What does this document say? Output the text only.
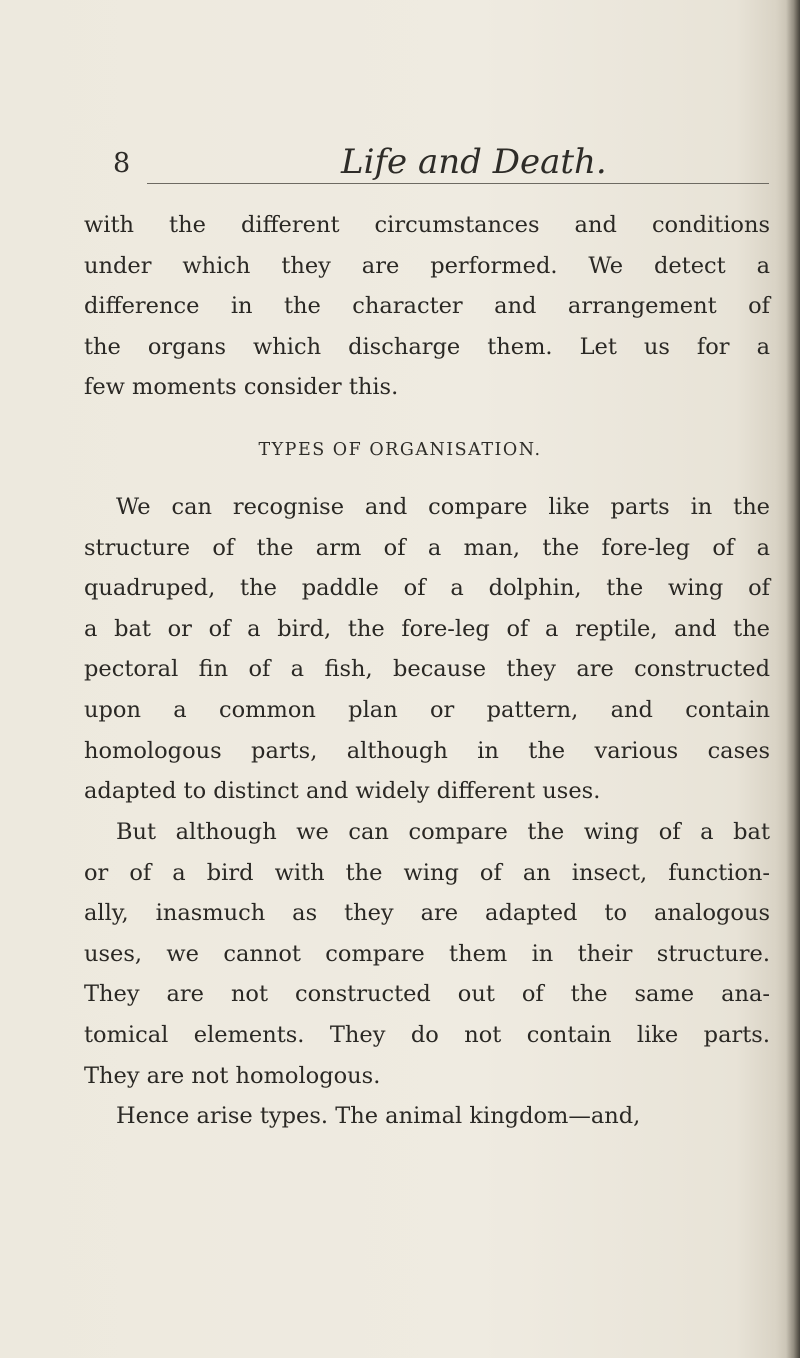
8	Life and Death.

with the different circumstances and conditions
under which they are performed. We detect a
difference in the character and arrangement of
the organs which discharge them. Let us for a
few moments consider this.

TYPES OF ORGANISATION.

We can recognise and compare like parts in the
structure of the arm of a man, the fore-leg of a
quadruped, the paddle of a dolphin, the wing of
a bat or of a bird, the fore-leg of a reptile, and the
pectoral fin of a fish, because they are constructed
upon a common plan or pattern, and contain
homologous parts, although in the various cases
adapted to distinct and widely different uses.

But although we can compare the wing of a bat
or of a bird with the wing of an insect, function-
ally, inasmuch as they are adapted to analogous
uses, we cannot compare them in their structure.
They are not constructed out of the same ana-
tomical elements. They do not contain like parts.
They are not homologous.

Hence arise types. The animal kingdom—and,
